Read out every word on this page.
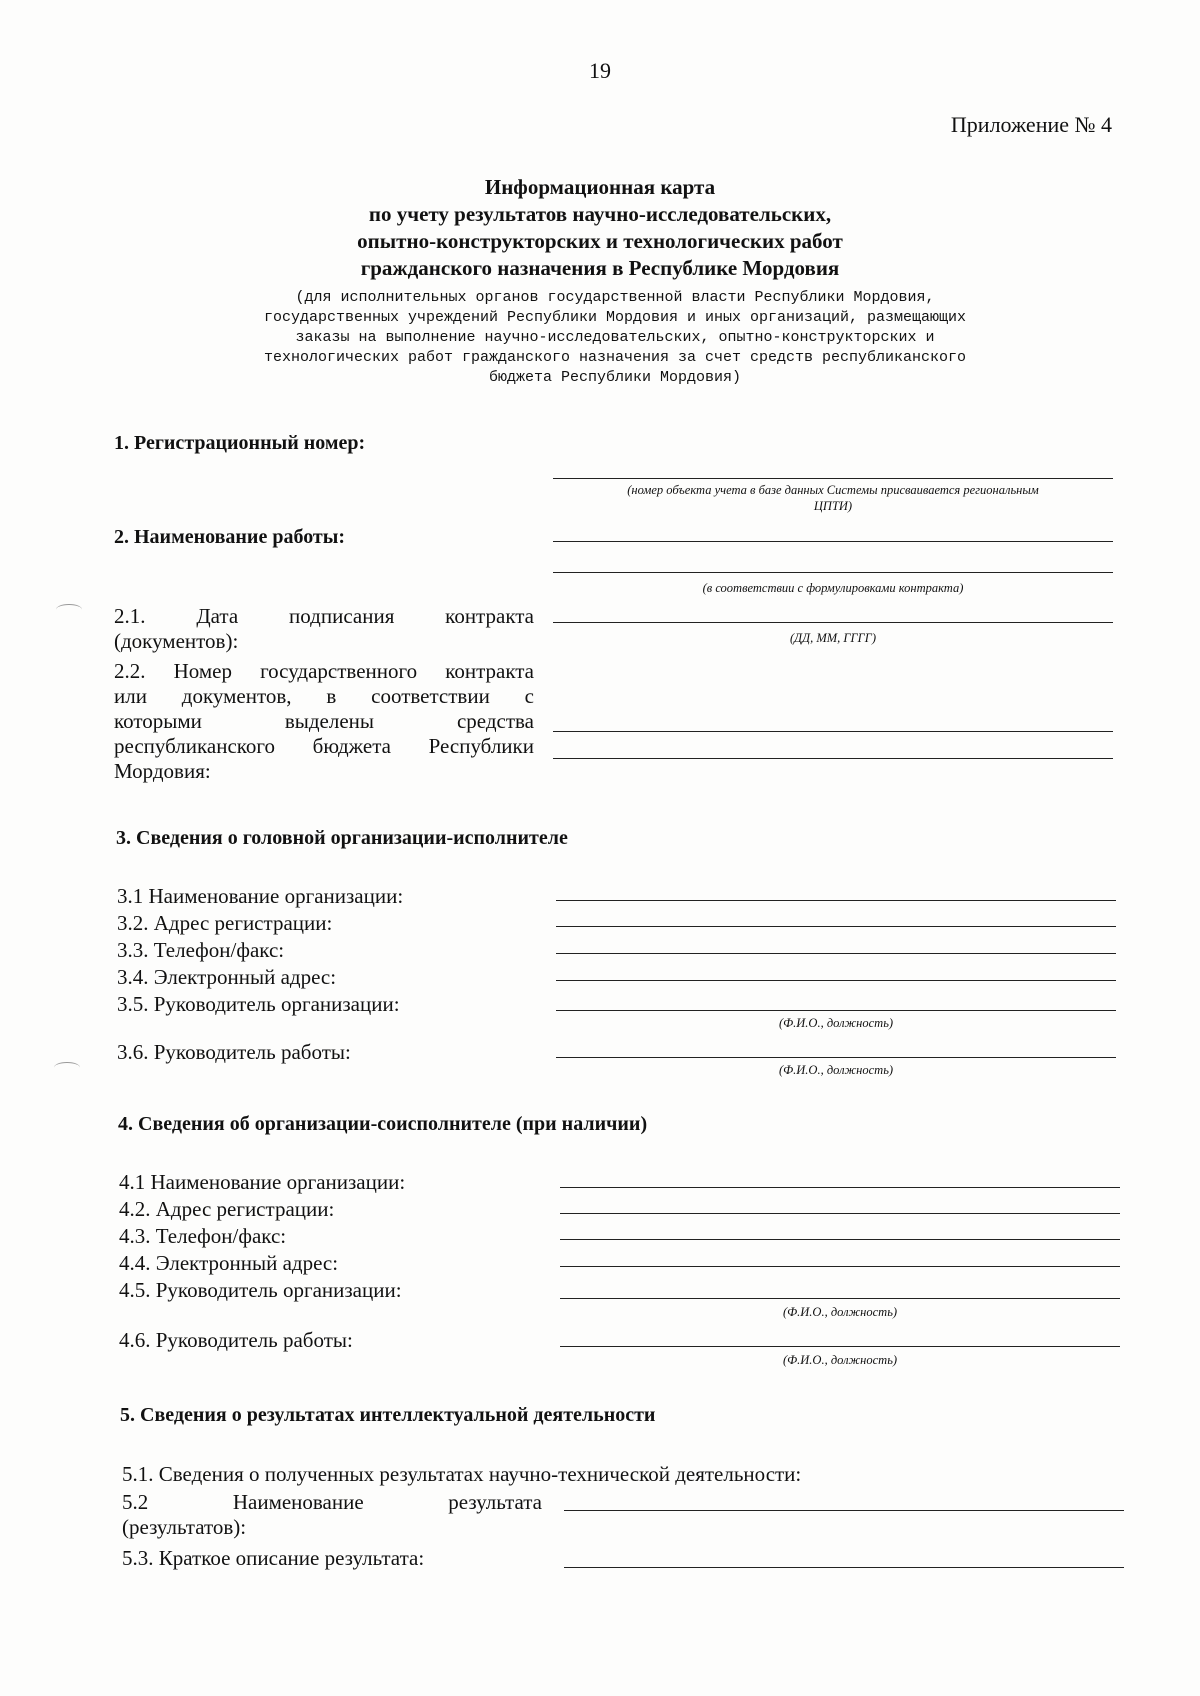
19
Приложение № 4
Информационная карта
по учету результатов научно-исследовательских,
опытно-конструкторских и технологических работ
гражданского назначения в Республике Мордовия
(для исполнительных органов государственной власти Республики Мордовия,
государственных учреждений Республики Мордовия и иных организаций, размещающих
заказы на выполнение научно-исследовательских, опытно-конструкторских и
технологических работ гражданского назначения за счет средств республиканского
бюджета Республики Мордовия)
1. Регистрационный номер:
(номер объекта учета в базе данных Системы присваивается региональным
ЦПТИ)
2. Наименование работы:
(в соответствии с формулировками контракта)
2.1. Дата подписания контракта
(документов):	(ДД, ММ, ГГГГ)
2.2. Номер государственного контракта
или документов, в соответствии с
которыми выделены средства
республиканского бюджета Республики
Мордовия:
3. Сведения о головной организации-исполнителе
3.1 Наименование организации:
3.2. Адрес регистрации:
3.3. Телефон/факс:
3.4. Электронный адрес:
3.5. Руководитель организации:
(Ф.И.О., должность)
3.6. Руководитель работы:
(Ф.И.О., должность)
4. Сведения об организации-соисполнителе (при наличии)
4.1 Наименование организации:
4.2. Адрес регистрации:
4.3. Телефон/факс:
4.4. Электронный адрес:
4.5. Руководитель организации:
(Ф.И.О., должность)
4.6. Руководитель работы:
(Ф.И.О., должность)
5. Сведения о результатах интеллектуальной деятельности
5.1. Сведения о полученных результатах научно-технической деятельности:
5.2 Наименование результата
(результатов):
5.3. Краткое описание результата:
